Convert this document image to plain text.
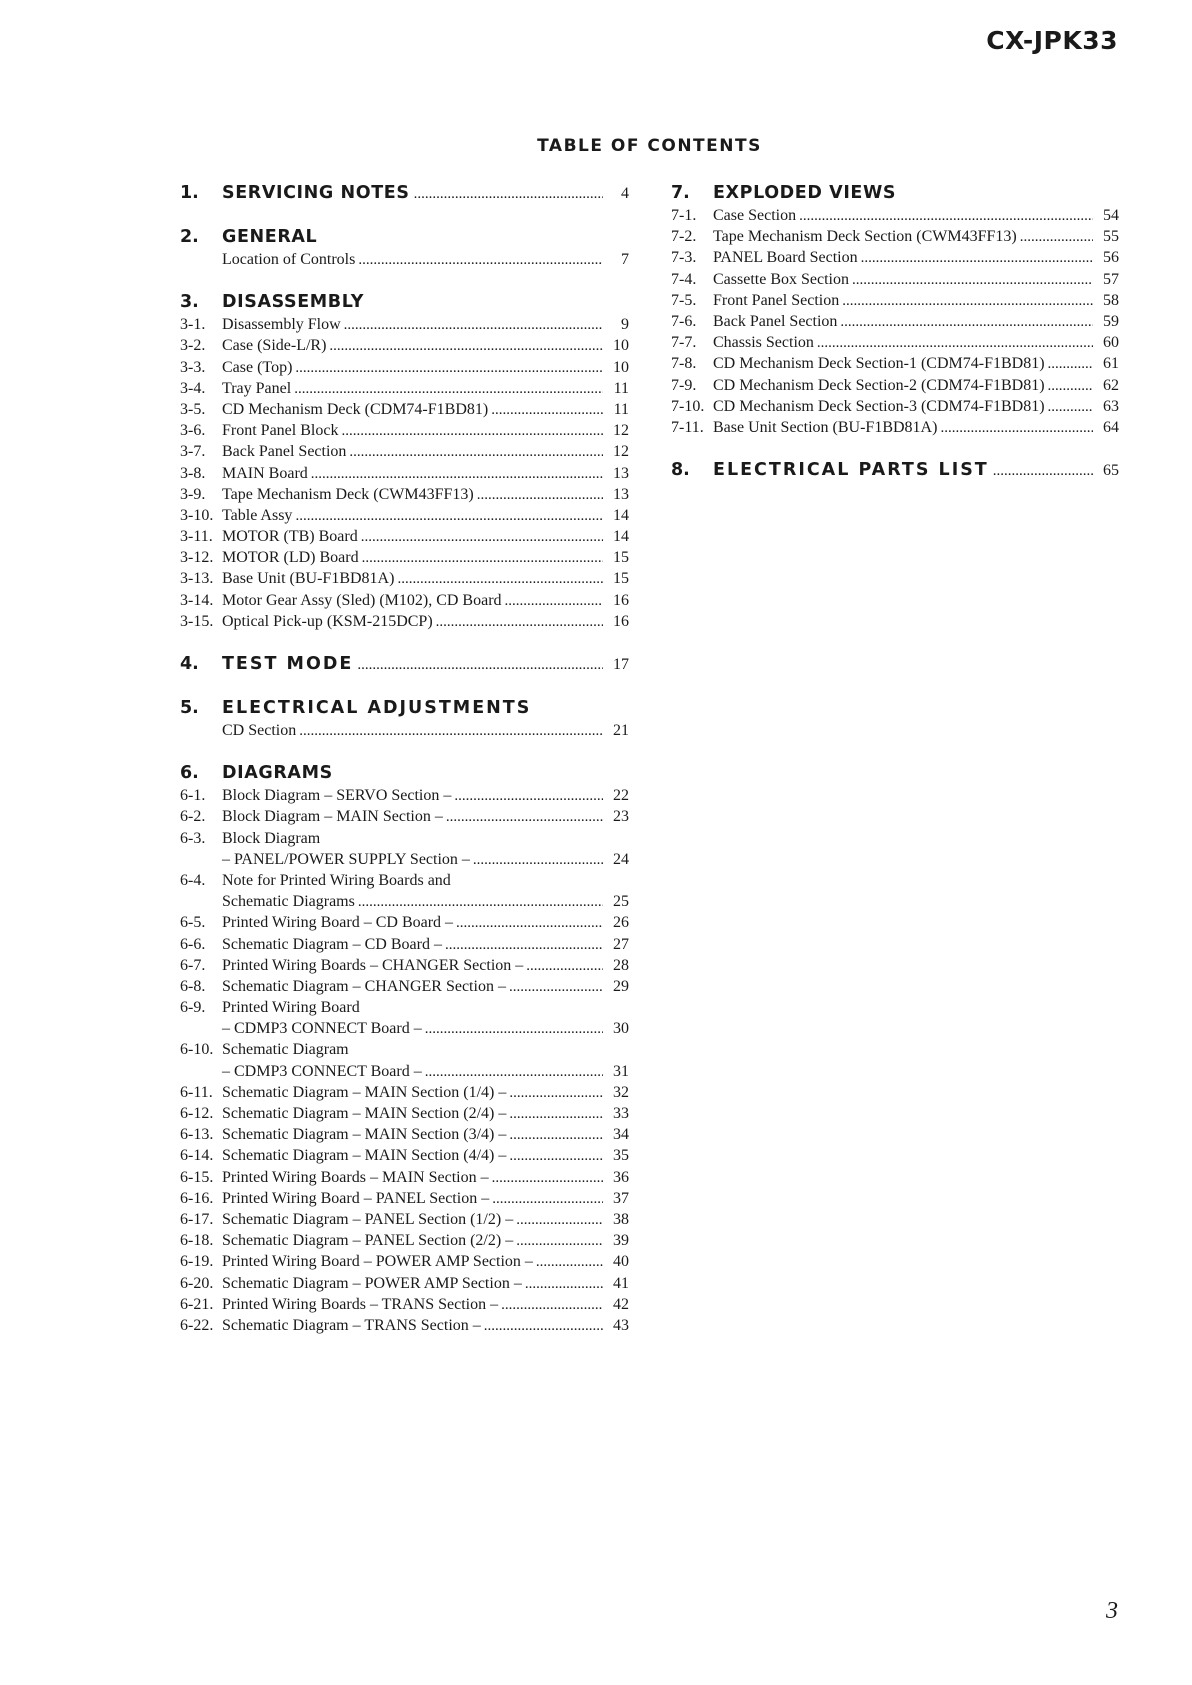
CX-JPK33
TABLE OF CONTENTS
1.	SERVICING NOTES .....	4
2.	GENERAL
Location of Controls .....	7
3.	DISASSEMBLY
3-1.	Disassembly Flow .....	9
3-2.	Case (Side-L/R) .....	10
3-3.	Case (Top) .....	10
3-4.	Tray Panel .....	11
3-5.	CD Mechanism Deck (CDM74-F1BD81) .....	11
3-6.	Front Panel Block .....	12
3-7.	Back Panel Section .....	12
3-8.	MAIN Board .....	13
3-9.	Tape Mechanism Deck (CWM43FF13) .....	13
3-10. Table Assy .....	14
3-11. MOTOR (TB) Board .....	14
3-12. MOTOR (LD) Board .....	15
3-13. Base Unit (BU-F1BD81A) .....	15
3-14. Motor Gear Assy (Sled) (M102), CD Board .....	16
3-15. Optical Pick-up (KSM-215DCP) .....	16
4.	TEST MODE .....	17
5.	ELECTRICAL ADJUSTMENTS
CD Section .....	21
6.	DIAGRAMS
6-1.	Block Diagram – SERVO Section – .....	22
6-2.	Block Diagram – MAIN Section – .....	23
6-3.	Block Diagram
– PANEL/POWER SUPPLY Section – .....	24
6-4.	Note for Printed Wiring Boards and
Schematic Diagrams .....	25
6-5.	Printed Wiring Board – CD Board – .....	26
6-6.	Schematic Diagram – CD Board – .....	27
6-7.	Printed Wiring Boards – CHANGER Section – .....	28
6-8.	Schematic Diagram – CHANGER Section – .....	29
6-9.	Printed Wiring Board
– CDMP3 CONNECT Board – .....	30
6-10. Schematic Diagram
– CDMP3 CONNECT Board – .....	31
6-11. Schematic Diagram – MAIN Section (1/4) – .....	32
6-12. Schematic Diagram – MAIN Section (2/4) – .....	33
6-13. Schematic Diagram – MAIN Section (3/4) – .....	34
6-14. Schematic Diagram – MAIN Section (4/4) – .....	35
6-15. Printed Wiring Boards – MAIN Section – .....	36
6-16. Printed Wiring Board – PANEL Section – .....	37
6-17. Schematic Diagram – PANEL Section (1/2) – .....	38
6-18. Schematic Diagram – PANEL Section (2/2) – .....	39
6-19. Printed Wiring Board – POWER AMP Section – .....	40
6-20. Schematic Diagram – POWER AMP Section – .....	41
6-21. Printed Wiring Boards – TRANS Section – .....	42
6-22. Schematic Diagram – TRANS Section – .....	43
7.	EXPLODED VIEWS
7-1.	Case Section .....	54
7-2.	Tape Mechanism Deck Section (CWM43FF13) .....	55
7-3.	PANEL Board Section .....	56
7-4.	Cassette Box Section .....	57
7-5.	Front Panel Section .....	58
7-6.	Back Panel Section .....	59
7-7.	Chassis Section .....	60
7-8.	CD Mechanism Deck Section-1 (CDM74-F1BD81) .....	61
7-9.	CD Mechanism Deck Section-2 (CDM74-F1BD81) .....	62
7-10. CD Mechanism Deck Section-3 (CDM74-F1BD81) .....	63
7-11. Base Unit Section (BU-F1BD81A) .....	64
8.	ELECTRICAL PARTS LIST .....	65
3
